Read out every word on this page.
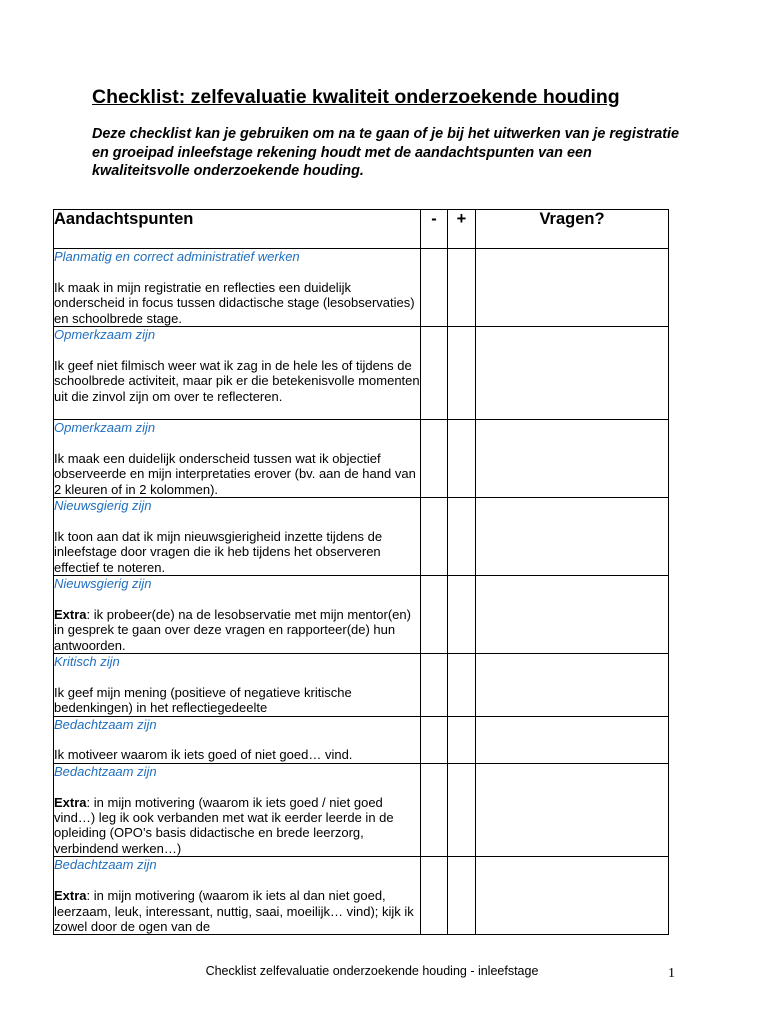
Checklist: zelfevaluatie kwaliteit onderzoekende houding
Deze checklist kan je gebruiken om na te gaan of je bij het uitwerken van je registratie en groeipad inleefstage rekening houdt met de aandachtspunten van een kwaliteitsvolle onderzoekende houding.
Aandachtspunten	-	+	Vragen?

Planmatig en correct administratief werken
Ik maak in mijn registratie en reflecties een duidelijk onderscheid in focus tussen didactische stage (lesobservaties) en schoolbrede stage.			

Opmerkzaam zijn
Ik geef niet filmisch weer wat ik zag in de hele les of tijdens de schoolbrede activiteit, maar pik er die betekenisvolle momenten uit die zinvol zijn om over te reflecteren.			

Opmerkzaam zijn
Ik maak een duidelijk onderscheid tussen wat ik objectief observeerde en mijn interpretaties erover (bv. aan de hand van 2 kleuren of in 2 kolommen).			

Nieuwsgierig zijn
Ik toon aan dat ik mijn nieuwsgierigheid inzette tijdens de inleefstage door vragen die ik heb tijdens het observeren effectief te noteren.			

Nieuwsgierig zijn
Extra: ik probeer(de) na de lesobservatie met mijn mentor(en) in gesprek te gaan over deze vragen en rapporteer(de) hun antwoorden.			

Kritisch zijn
Ik geef mijn mening (positieve of negatieve kritische bedenkingen) in het reflectiegedeelte			

Bedachtzaam zijn
Ik motiveer waarom ik iets goed of niet goed… vind.			

Bedachtzaam zijn
Extra: in mijn motivering (waarom ik iets goed / niet goed vind…) leg ik ook verbanden met wat ik eerder leerde in de opleiding (OPO’s basis didactische en brede leerzorg, verbindend werken…)			

Bedachtzaam zijn
Extra: in mijn motivering (waarom ik iets al dan niet goed, leerzaam, leuk, interessant, nuttig, saai, moeilijk… vind); kijk ik zowel door de ogen van de			

Checklist zelfevaluatie onderzoekende houding - inleefstage	1
